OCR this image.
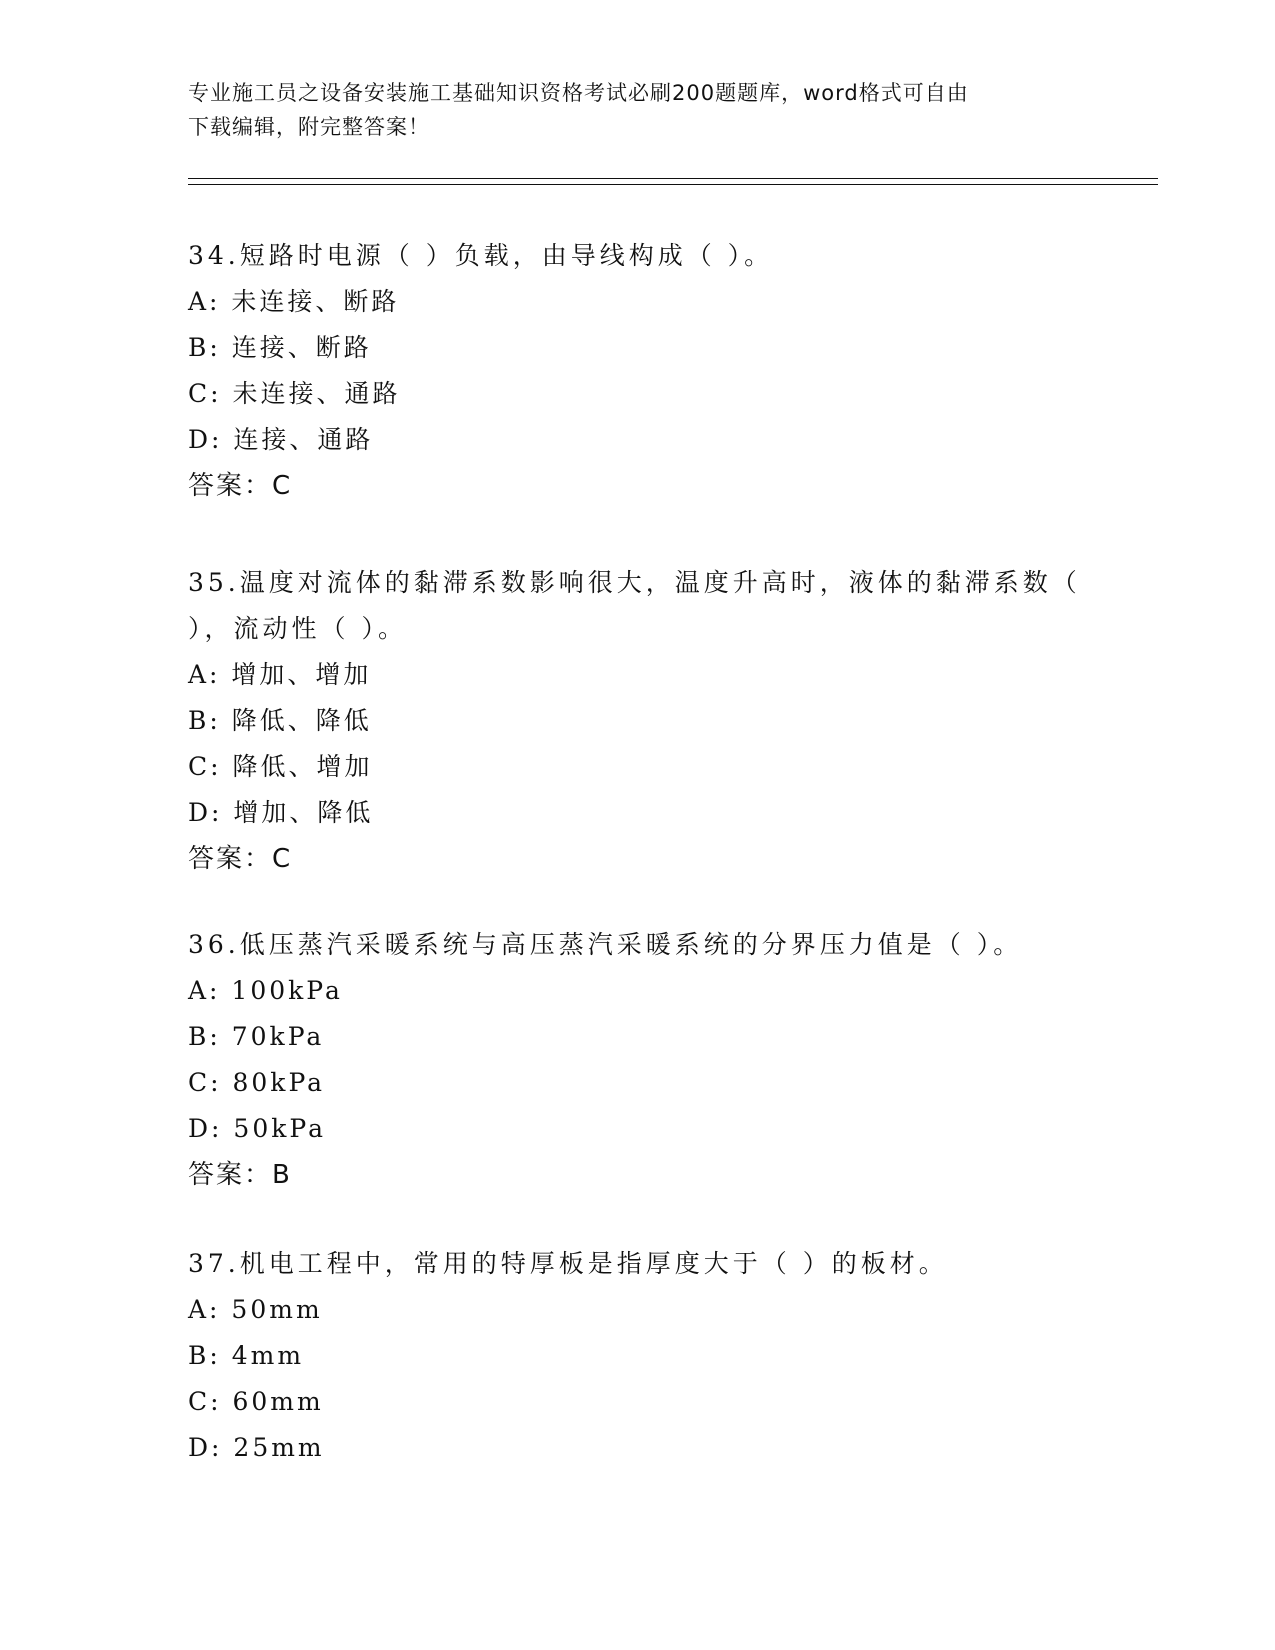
专业施工员之设备安装施工基础知识资格考试必刷200题题库，word格式可自由
下载编辑，附完整答案！
34.短路时电源（ ）负载，由导线构成（ ）。
A: 未连接、断路
B: 连接、断路
C: 未连接、通路
D: 连接、通路
答案：C
35.温度对流体的黏滞系数影响很大，温度升高时，液体的黏滞系数（ ），流动性（ ）。
A: 增加、增加
B: 降低、降低
C: 降低、增加
D: 增加、降低
答案：C
36.低压蒸汽采暖系统与高压蒸汽采暖系统的分界压力值是（ ）。
A: 100kPa
B: 70kPa
C: 80kPa
D: 50kPa
答案：B
37.机电工程中，常用的特厚板是指厚度大于（ ）的板材。
A: 50mm
B: 4mm
C: 60mm
D: 25mm
